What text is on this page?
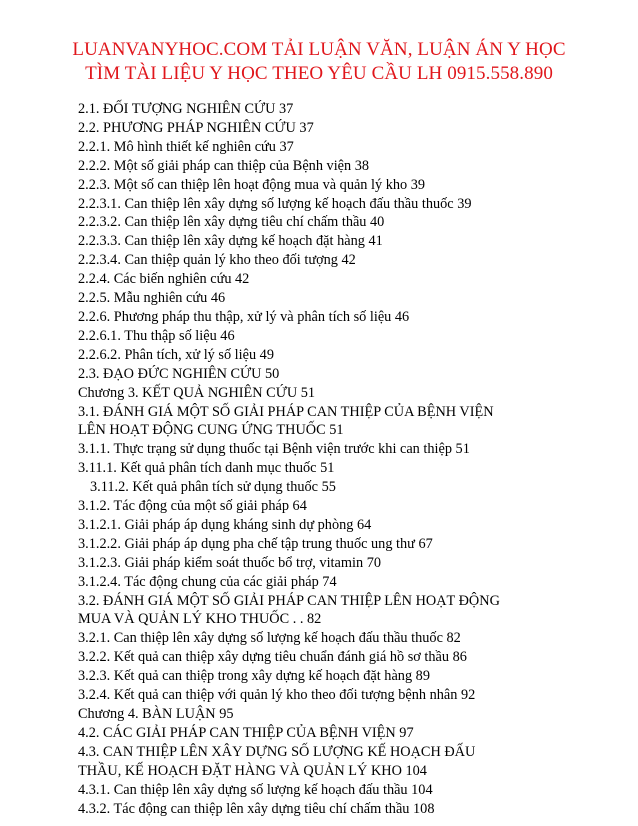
LUANVANYHOC.COM TẢI LUẬN VĂN, LUẬN ÁN Y HỌC
TÌM TÀI LIỆU Y HỌC THEO YÊU CẦU LH 0915.558.890
2.1. ĐỐI TƯỢNG NGHIÊN CỨU 37
2.2. PHƯƠNG PHÁP NGHIÊN CỨU 37
2.2.1. Mô hình thiết kế nghiên cứu 37
2.2.2. Một số giải pháp can thiệp của Bệnh viện 38
2.2.3. Một số can thiệp lên hoạt động mua và quản lý kho 39
2.2.3.1. Can thiệp lên xây dựng số lượng kế hoạch đấu thầu thuốc 39
2.2.3.2. Can thiệp lên xây dựng tiêu chí chấm thầu 40
2.2.3.3. Can thiệp lên xây dựng kế hoạch đặt hàng 41
2.2.3.4. Can thiệp quản lý kho theo đối tượng 42
2.2.4. Các biến nghiên cứu 42
2.2.5. Mẫu nghiên cứu 46
2.2.6. Phương pháp thu thập, xử lý và phân tích số liệu 46
2.2.6.1. Thu thập số liệu 46
2.2.6.2. Phân tích, xử lý số liệu 49
2.3. ĐẠO ĐỨC NGHIÊN CỨU 50
Chương 3. KẾT QUẢ NGHIÊN CỨU 51
3.1. ĐÁNH GIÁ MỘT SỐ GIẢI PHÁP CAN THIỆP CỦA BỆNH VIỆN
LÊN HOẠT ĐỘNG CUNG ỨNG THUỐC 51
3.1.1. Thực trạng sử dụng thuốc tại Bệnh viện trước khi can thiệp 51
3.11.1. Kết quả phân tích danh mục thuốc 51
3.11.2. Kết quả phân tích sử dụng thuốc 55
3.1.2. Tác động của một số giải pháp 64
3.1.2.1. Giải pháp áp dụng kháng sinh dự phòng 64
3.1.2.2. Giải pháp áp dụng pha chế tập trung thuốc ung thư 67
3.1.2.3. Giải pháp kiểm soát thuốc bổ trợ, vitamin 70
3.1.2.4. Tác động chung của các giải pháp 74
3.2. ĐÁNH GIÁ MỘT SỐ GIẢI PHÁP CAN THIỆP LÊN HOẠT ĐỘNG
MUA VÀ QUẢN LÝ KHO THUỐC . . 82
3.2.1. Can thiệp lên xây dựng số lượng kế hoạch đấu thầu thuốc 82
3.2.2. Kết quả can thiệp xây dựng tiêu chuẩn đánh giá hồ sơ thầu 86
3.2.3. Kết quả can thiệp trong xây dựng kế hoạch đặt hàng 89
3.2.4. Kết quả can thiệp với quản lý kho theo đối tượng bệnh nhân 92
Chương 4. BÀN LUẬN 95
4.2. CÁC GIẢI PHÁP CAN THIỆP CỦA BỆNH VIỆN 97
4.3. CAN THIỆP LÊN XÂY DỰNG SỐ LƯỢNG KẾ HOẠCH ĐẤU
THẦU, KẾ HOẠCH ĐẶT HÀNG VÀ QUẢN LÝ KHO 104
4.3.1. Can thiệp lên xây dựng số lượng kế hoạch đấu thầu 104
4.3.2. Tác động can thiệp lên xây dựng tiêu chí chấm thầu 108
